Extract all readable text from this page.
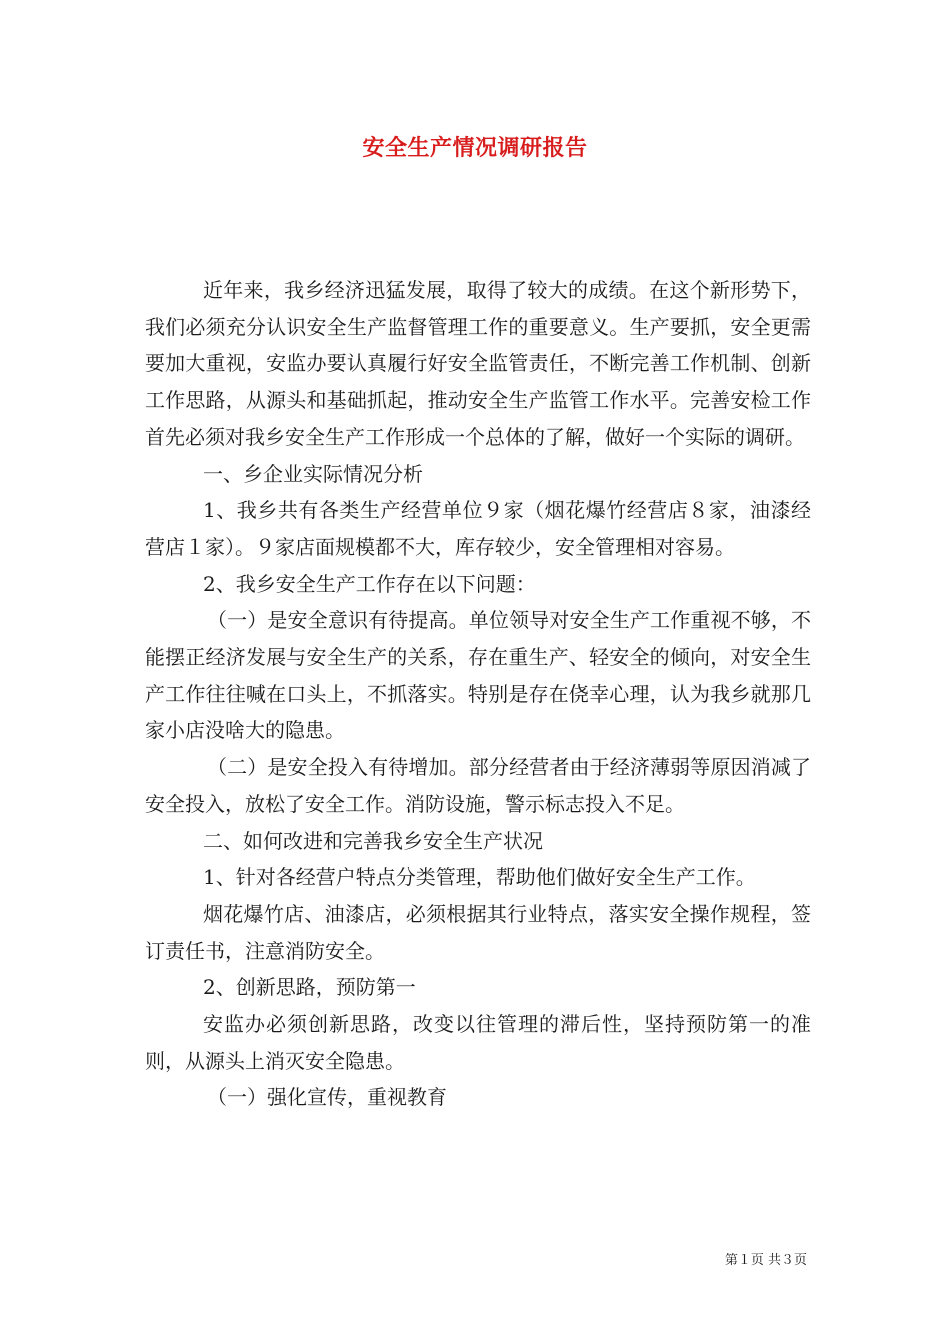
安全生产情况调研报告

近年来，我乡经济迅猛发展，取得了较大的成绩。在这个新形势下，我们必须充分认识安全生产监督管理工作的重要意义。生产要抓，安全更需要加大重视，安监办要认真履行好安全监管责任，不断完善工作机制、创新工作思路，从源头和基础抓起，推动安全生产监管工作水平。完善安检工作首先必须对我乡安全生产工作形成一个总体的了解，做好一个实际的调研。

一、乡企业实际情况分析

1、我乡共有各类生产经营单位９家（烟花爆竹经营店８家，油漆经营店１家）。９家店面规模都不大，库存较少，安全管理相对容易。

2、我乡安全生产工作存在以下问题：

（一）是安全意识有待提高。单位领导对安全生产工作重视不够，不能摆正经济发展与安全生产的关系，存在重生产、轻安全的倾向，对安全生产工作往往喊在口头上，不抓落实。特别是存在侥幸心理，认为我乡就那几家小店没啥大的隐患。

（二）是安全投入有待增加。部分经营者由于经济薄弱等原因消减了安全投入，放松了安全工作。消防设施，警示标志投入不足。

二、如何改进和完善我乡安全生产状况

1、针对各经营户特点分类管理，帮助他们做好安全生产工作。

烟花爆竹店、油漆店，必须根据其行业特点，落实安全操作规程，签订责任书，注意消防安全。

2、创新思路，预防第一

安监办必须创新思路，改变以往管理的滞后性，坚持预防第一的准则，从源头上消灭安全隐患。

（一）强化宣传，重视教育

第１页 共３页
